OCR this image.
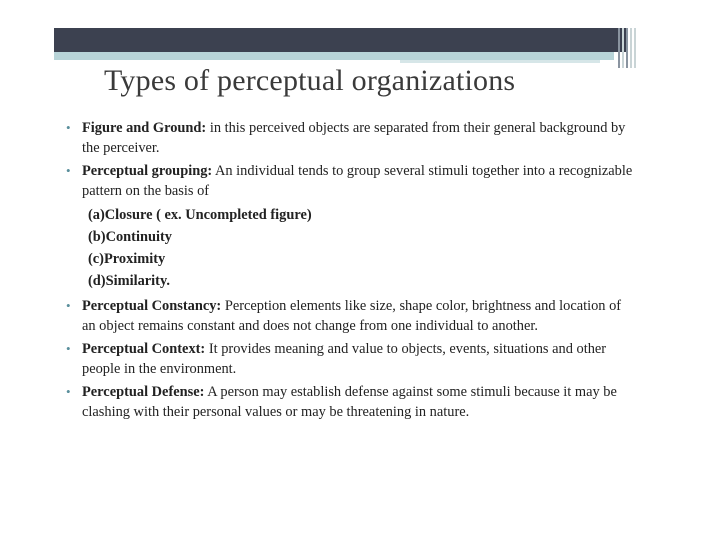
Types of perceptual organizations
• Figure and Ground: in this perceived objects are separated from their general background by the perceiver.
• Perceptual grouping: An individual tends to group several stimuli together into a recognizable pattern on the basis of
(a)Closure ( ex. Uncompleted figure)
(b)Continuity
(c)Proximity
(d)Similarity.
• Perceptual Constancy: Perception elements like size, shape color, brightness and location of an object remains constant and does not change from one individual to another.
• Perceptual Context: It provides meaning and value to objects, events, situations and other people in the environment.
• Perceptual Defense: A person may establish defense against some stimuli because it may be clashing with their personal values or may be threatening in nature.
